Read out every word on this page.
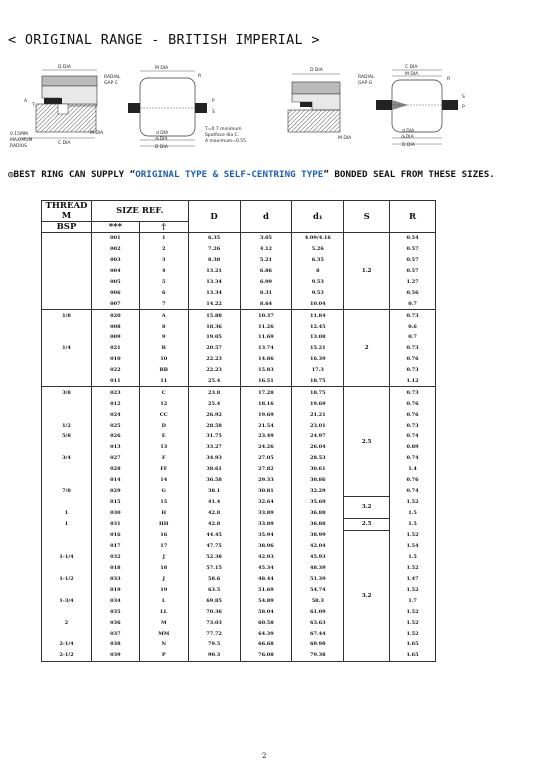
< ORIGINAL RANGE - BRITISH IMPERIAL >
D DIA
T
A
0.15MM
MAXIMUM
RADIUS
C DIA
M DIA
RADIAL
GAP C
M DIA
R
P
S
d DIA
d₁DIA
D DIA
T=0.7 minimum
Spotface dia C.
A maximum=0.55
D DIA
RADIAL
GAP G
M DIA
C DIA
M DIA
R
S
P
d DIA
d₁DIA
D DIA
◎BEST RING CAN SUPPLY “ORIGINAL TYPE & SELF-CENTRING TYPE” BONDED SEAL FROM THESE SIZES.
THREAD M	SIZE REF.		D	d	d₁	S	R
BSP	***	†					
	001	1	6.35	3.05	4.09/4.16	1.2	0.54
	002	2	7.26	4.12	5.26		0.57
	003	3	8.38	5.21	6.35		0.57
	004	4	13.21	6.86	8		0.57
	005	5	13.34	6.99	9.53		1.27
	006	6	13.34	8.31	9.53		0.56
	007	7	14.22	8.64	10.04		0.7
1/8	020	A	15.88	10.37	11.84	2	0.73
	008	8	18.36	11.26	12.45		0.6
	009	9	19.05	11.69	13.08		0.7
1/4	021	B	20.57	13.74	15.21		0.73
	010	10	22.23	14.86	16.39		0.76
	022	BB	22.23	15.83	17.3		0.73
	011	11	25.4	16.51	18.75		1.12
3/8	023	C	23.8	17.28	18.75	2.5	0.73
	012	12	25.4	18.16	19.69		0.76
	024	CC	26.92	19.69	21.21		0.76
1/2	025	D	28.58	21.54	23.01		0.73
5/8	026	E	31.75	23.49	24.97		0.74
	013	13	33.27	24.26	26.04		0.89
3/4	027	F	34.93	27.05	28.53		0.74
	028	FF	38.61	27.82	30.61		1.4
	014	14	36.58	29.33	30.86		0.76
7/8	029	G	38.1	30.81	32.29		0.74
	015	15	41.4	32.64	35.69	3.2	1.52
1	030	H	42.8	33.89	36.88		1.5
1	031	HH	42.8	33.89	36.88	2.5	1.5
	016	16	44.45	35.94	38.99	3.2	1.52
	017	17	47.75	38.96	42.04		1.54
1-1/4	032	J	52.38	42.93	45.93		1.5
	018	18	57.15	45.34	48.39		1.52
1-1/2	033	J	58.6	48.44	51.39		1.47
	019	19	63.5	51.69	54.74		1.52
1-3/4	034	L	69.85	54.89	58.3		1.7
	035	LL	70.36	58.04	61.09		1.52
2	036	M	73.03	60.58	63.63		1.52
	037	MM	77.72	64.39	67.44		1.52
2-1/4	038	N	79.5	66.68	69.98		1.65
2-1/2	039	P	90.3	76.08	79.38		1.65
2
